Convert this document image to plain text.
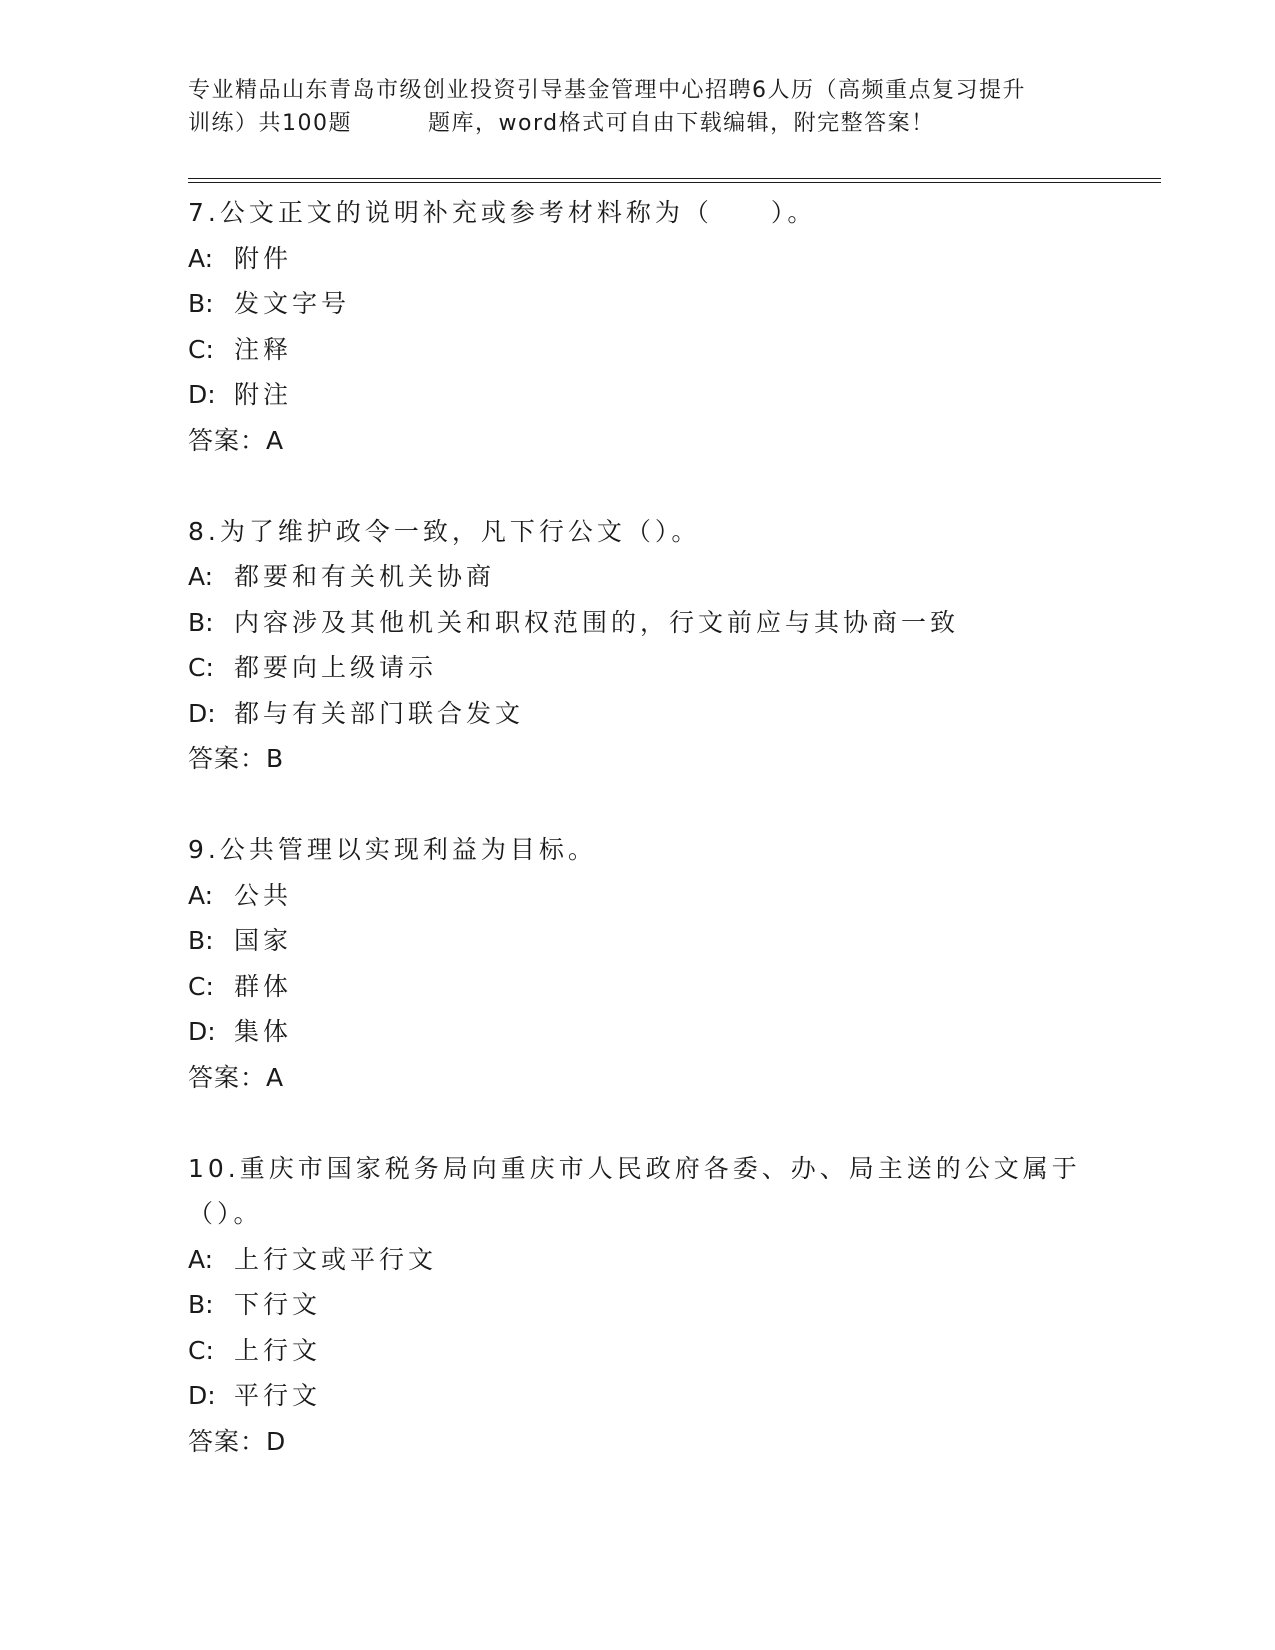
专业精品山东青岛市级创业投资引导基金管理中心招聘6人历（高频重点复习提升
训练）共100题	题库，word格式可自由下载编辑，附完整答案！
7.公文正文的说明补充或参考材料称为（　　）。
A: 附件
B: 发文字号
C: 注释
D: 附注
答案：A
8.为了维护政令一致，凡下行公文（）。
A: 都要和有关机关协商
B: 内容涉及其他机关和职权范围的，行文前应与其协商一致
C: 都要向上级请示
D: 都与有关部门联合发文
答案：B
9.公共管理以实现利益为目标。
A: 公共
B: 国家
C: 群体
D: 集体
答案：A
10.重庆市国家税务局向重庆市人民政府各委、办、局主送的公文属于
（）。
A: 上行文或平行文
B: 下行文
C: 上行文
D: 平行文
答案：D
